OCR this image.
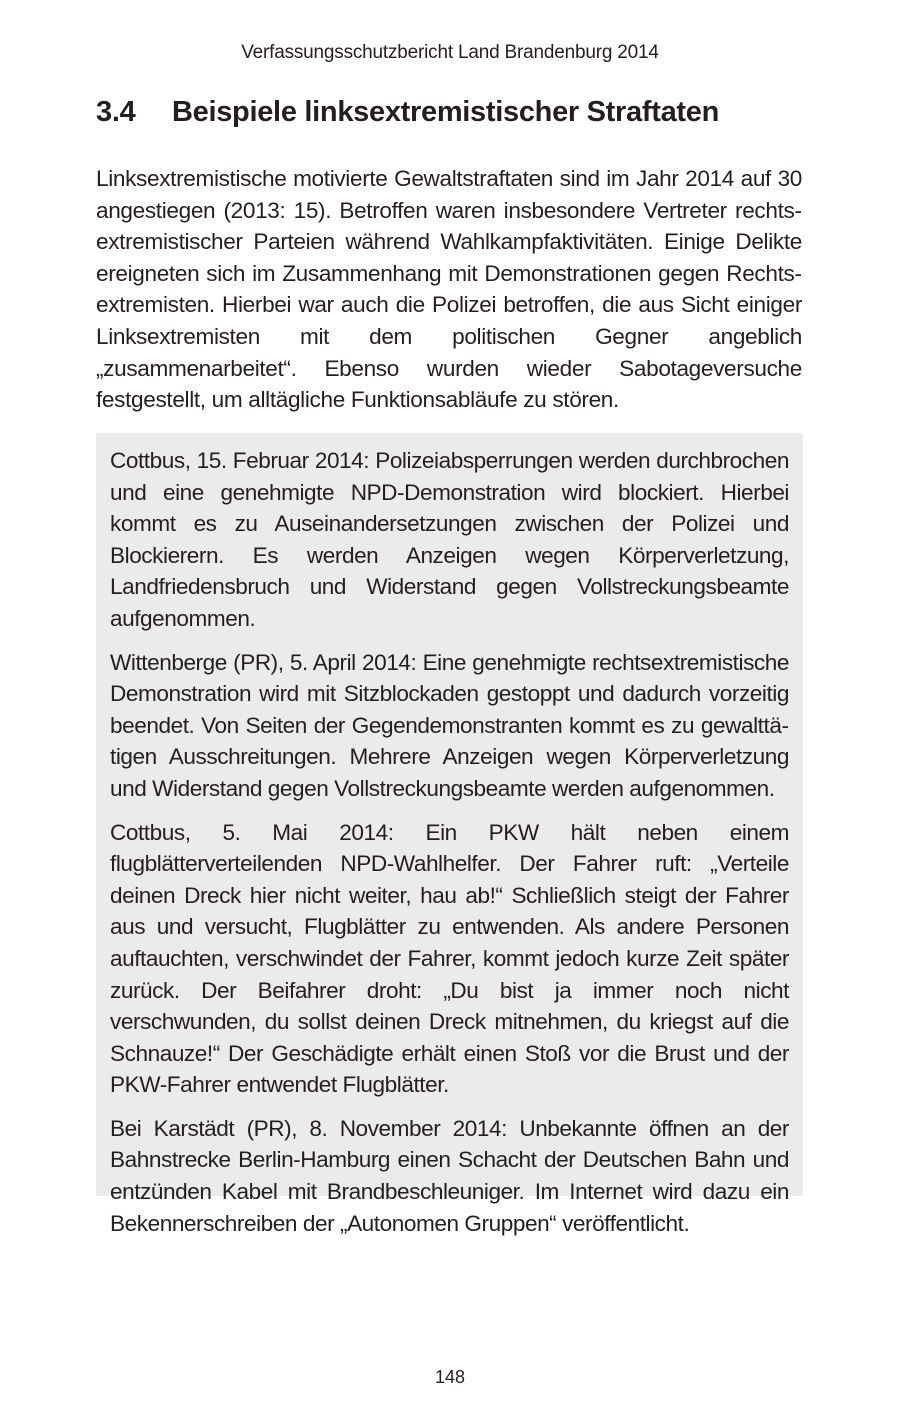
Verfassungsschutzbericht Land Brandenburg 2014
3.4 Beispiele linksextremistischer Straftaten

Linksextremistische motivierte Gewaltstraftaten sind im Jahr 2014 auf 30 angestiegen (2013: 15). Betroffen waren insbesondere Vertreter rechtsextremistischer Parteien während Wahlkampfaktivitäten. Einige Delikte ereigneten sich im Zusammenhang mit Demonstrationen gegen Rechtsextremisten. Hierbei war auch die Polizei betroffen, die aus Sicht einiger Linksextremisten mit dem politischen Gegner angeblich „zusammenarbeitet“. Ebenso wurden wieder Sabotageversuche festgestellt, um alltägliche Funktionsabläufe zu stören.

Cottbus, 15. Februar 2014: Polizeiabsperrungen werden durchbrochen und eine genehmigte NPD-Demonstration wird blockiert. Hierbei kommt es zu Auseinandersetzungen zwischen der Polizei und Blockierern. Es werden Anzeigen wegen Körperverletzung, Landfriedensbruch und Widerstand gegen Vollstreckungsbeamte aufgenommen.

Wittenberge (PR), 5. April 2014: Eine genehmigte rechtsextremistische Demonstration wird mit Sitzblockaden gestoppt und dadurch vorzeitig beendet. Von Seiten der Gegendemonstranten kommt es zu gewalttätigen Ausschreitungen. Mehrere Anzeigen wegen Körperverletzung und Widerstand gegen Vollstreckungsbeamte werden aufgenommen.

Cottbus, 5. Mai 2014: Ein PKW hält neben einem flugblätterverteilenden NPD-Wahlhelfer. Der Fahrer ruft: „Verteile deinen Dreck hier nicht weiter, hau ab!“ Schließlich steigt der Fahrer aus und versucht, Flugblätter zu entwenden. Als andere Personen auftauchten, verschwindet der Fahrer, kommt jedoch kurze Zeit später zurück. Der Beifahrer droht: „Du bist ja immer noch nicht verschwunden, du sollst deinen Dreck mitnehmen, du kriegst auf die Schnauze!“ Der Geschädigte erhält einen Stoß vor die Brust und der PKW-Fahrer entwendet Flugblätter.

Bei Karstädt (PR), 8. November 2014: Unbekannte öffnen an der Bahnstrecke Berlin-Hamburg einen Schacht der Deutschen Bahn und entzünden Kabel mit Brandbeschleuniger. Im Internet wird dazu ein Bekennerschreiben der „Autonomen Gruppen“ veröffentlicht.

148
